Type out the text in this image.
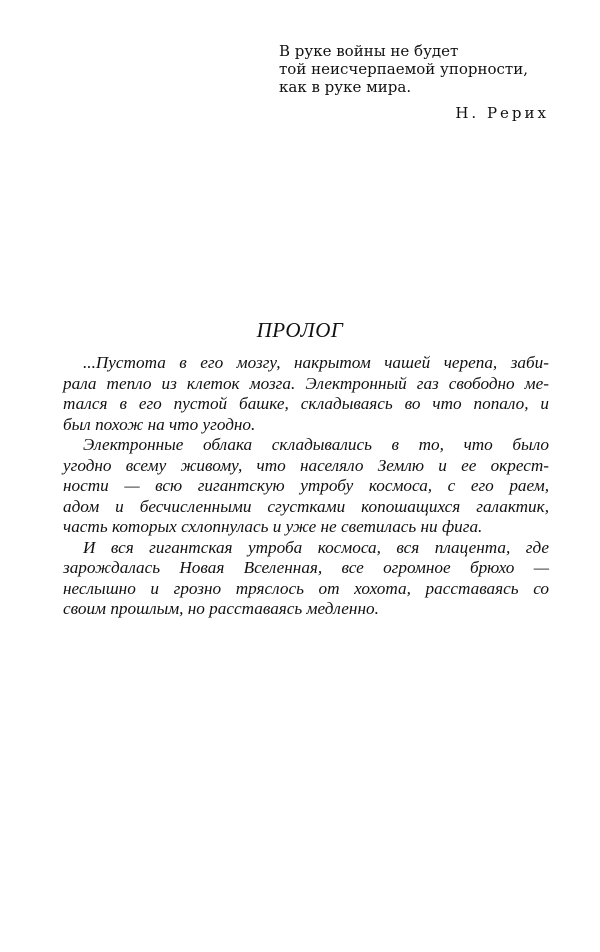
В руке войны не будет
той неисчерпаемой упорности,
как в руке мира.
Н. Рерих
ПРОЛОГ
...Пустота в его мозгу, накрытом чашей черепа, заби-
рала тепло из клеток мозга. Электронный газ свободно ме-
тался в его пустой башке, складываясь во что попало, и
был похож на что угодно.
Электронные облака складывались в то, что было
угодно всему живому, что населяло Землю и ее окрест-
ности — всю гигантскую утробу космоса, с его раем,
адом и бесчисленными сгустками копошащихся галактик,
часть которых схлопнулась и уже не светилась ни фига.
И вся гигантская утроба космоса, вся плацента, где
зарождалась Новая Вселенная, все огромное брюхо —
неслышно и грозно тряслось от хохота, расставаясь со
своим прошлым, но расставаясь медленно.
